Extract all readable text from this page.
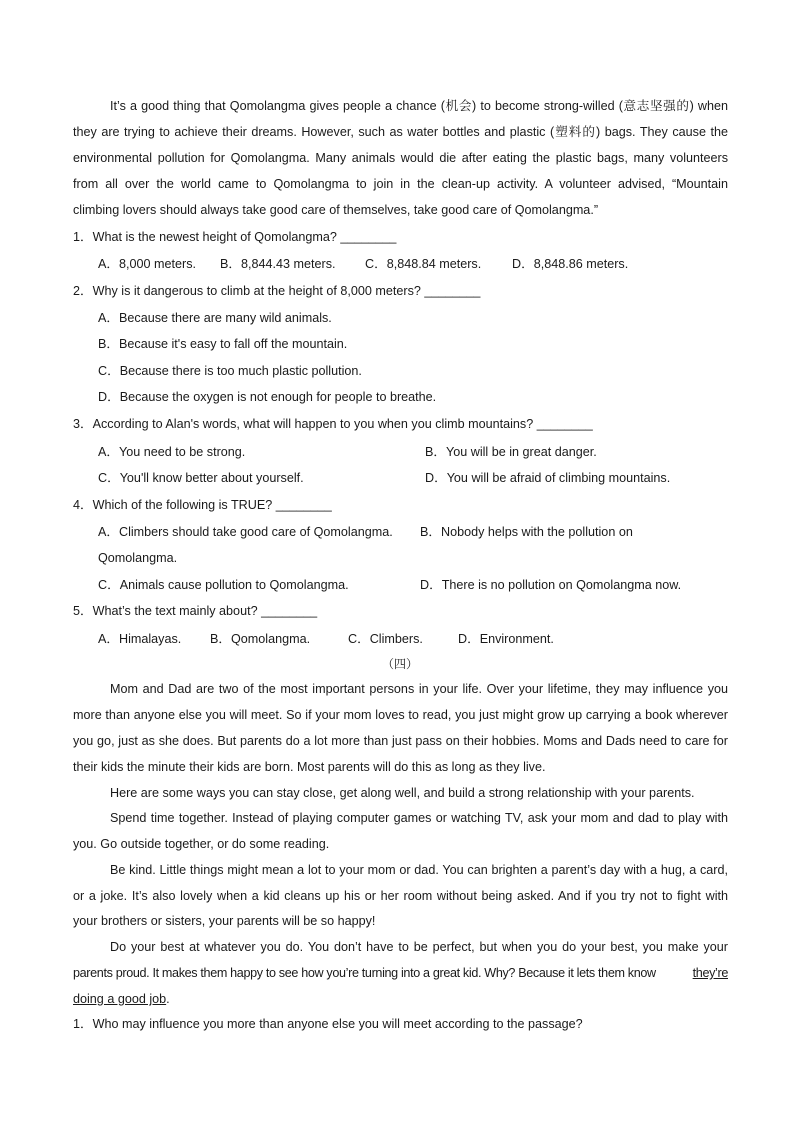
It’s a good thing that Qomolangma gives people a chance (机会) to become strong-willed (意志坚强的) when
they are trying to achieve their dreams. However, such as water bottles and plastic (塑料的) bags. They cause the
environmental pollution for Qomolangma. Many animals would die after eating the plastic bags, many volunteers
from all over the world came to Qomolangma to join in the clean-up activity. A volunteer advised, “Mountain
climbing lovers should always take good care of themselves, take good care of Qomolangma.”
1．What is the newest height of Qomolangma? ________
A．8,000 meters.	B．8,844.43 meters.	C．8,848.84 meters.	D．8,848.86 meters.
2．Why is it dangerous to climb at the height of 8,000 meters? ________
A．Because there are many wild animals.
B．Because it's easy to fall off the mountain.
C．Because there is too much plastic pollution.
D．Because the oxygen is not enough for people to breathe.
3．According to Alan's words, what will happen to you when you climb mountains? ________
A．You need to be strong.	B．You will be in great danger.
C．You'll know better about yourself.	D．You will be afraid of climbing mountains.
4．Which of the following is TRUE? ________
A．Climbers should take good care of Qomolangma.	B．Nobody helps with the pollution on
Qomolangma.
C．Animals cause pollution to Qomolangma.	D．There is no pollution on Qomolangma now.
5．What’s the text mainly about? ________
A．Himalayas.	B．Qomolangma.	C．Climbers.	D．Environment.
（四）
Mom and Dad are two of the most important persons in your life. Over your lifetime, they may influence you
more than anyone else you will meet. So if your mom loves to read, you just might grow up carrying a book wherever
you go, just as she does. But parents do a lot more than just pass on their hobbies. Moms and Dads need to care for
their kids the minute their kids are born. Most parents will do this as long as they live.
Here are some ways you can stay close, get along well, and build a strong relationship with your parents.
Spend time together. Instead of playing computer games or watching TV, ask your mom and dad to play with
you. Go outside together, or do some reading.
Be kind. Little things might mean a lot to your mom or dad. You can brighten a parent’s day with a hug, a card,
or a joke. It’s also lovely when a kid cleans up his or her room without being asked. And if you try not to fight with
your brothers or sisters, your parents will be so happy!
Do your best at whatever you do. You don’t have to be perfect, but when you do your best, you make your
parents proud. It makes them happy to see how you’re turning into a great kid. Why? Because it lets them know	they’re
doing a good job.
1．Who may influence you more than anyone else you will meet according to the passage?
